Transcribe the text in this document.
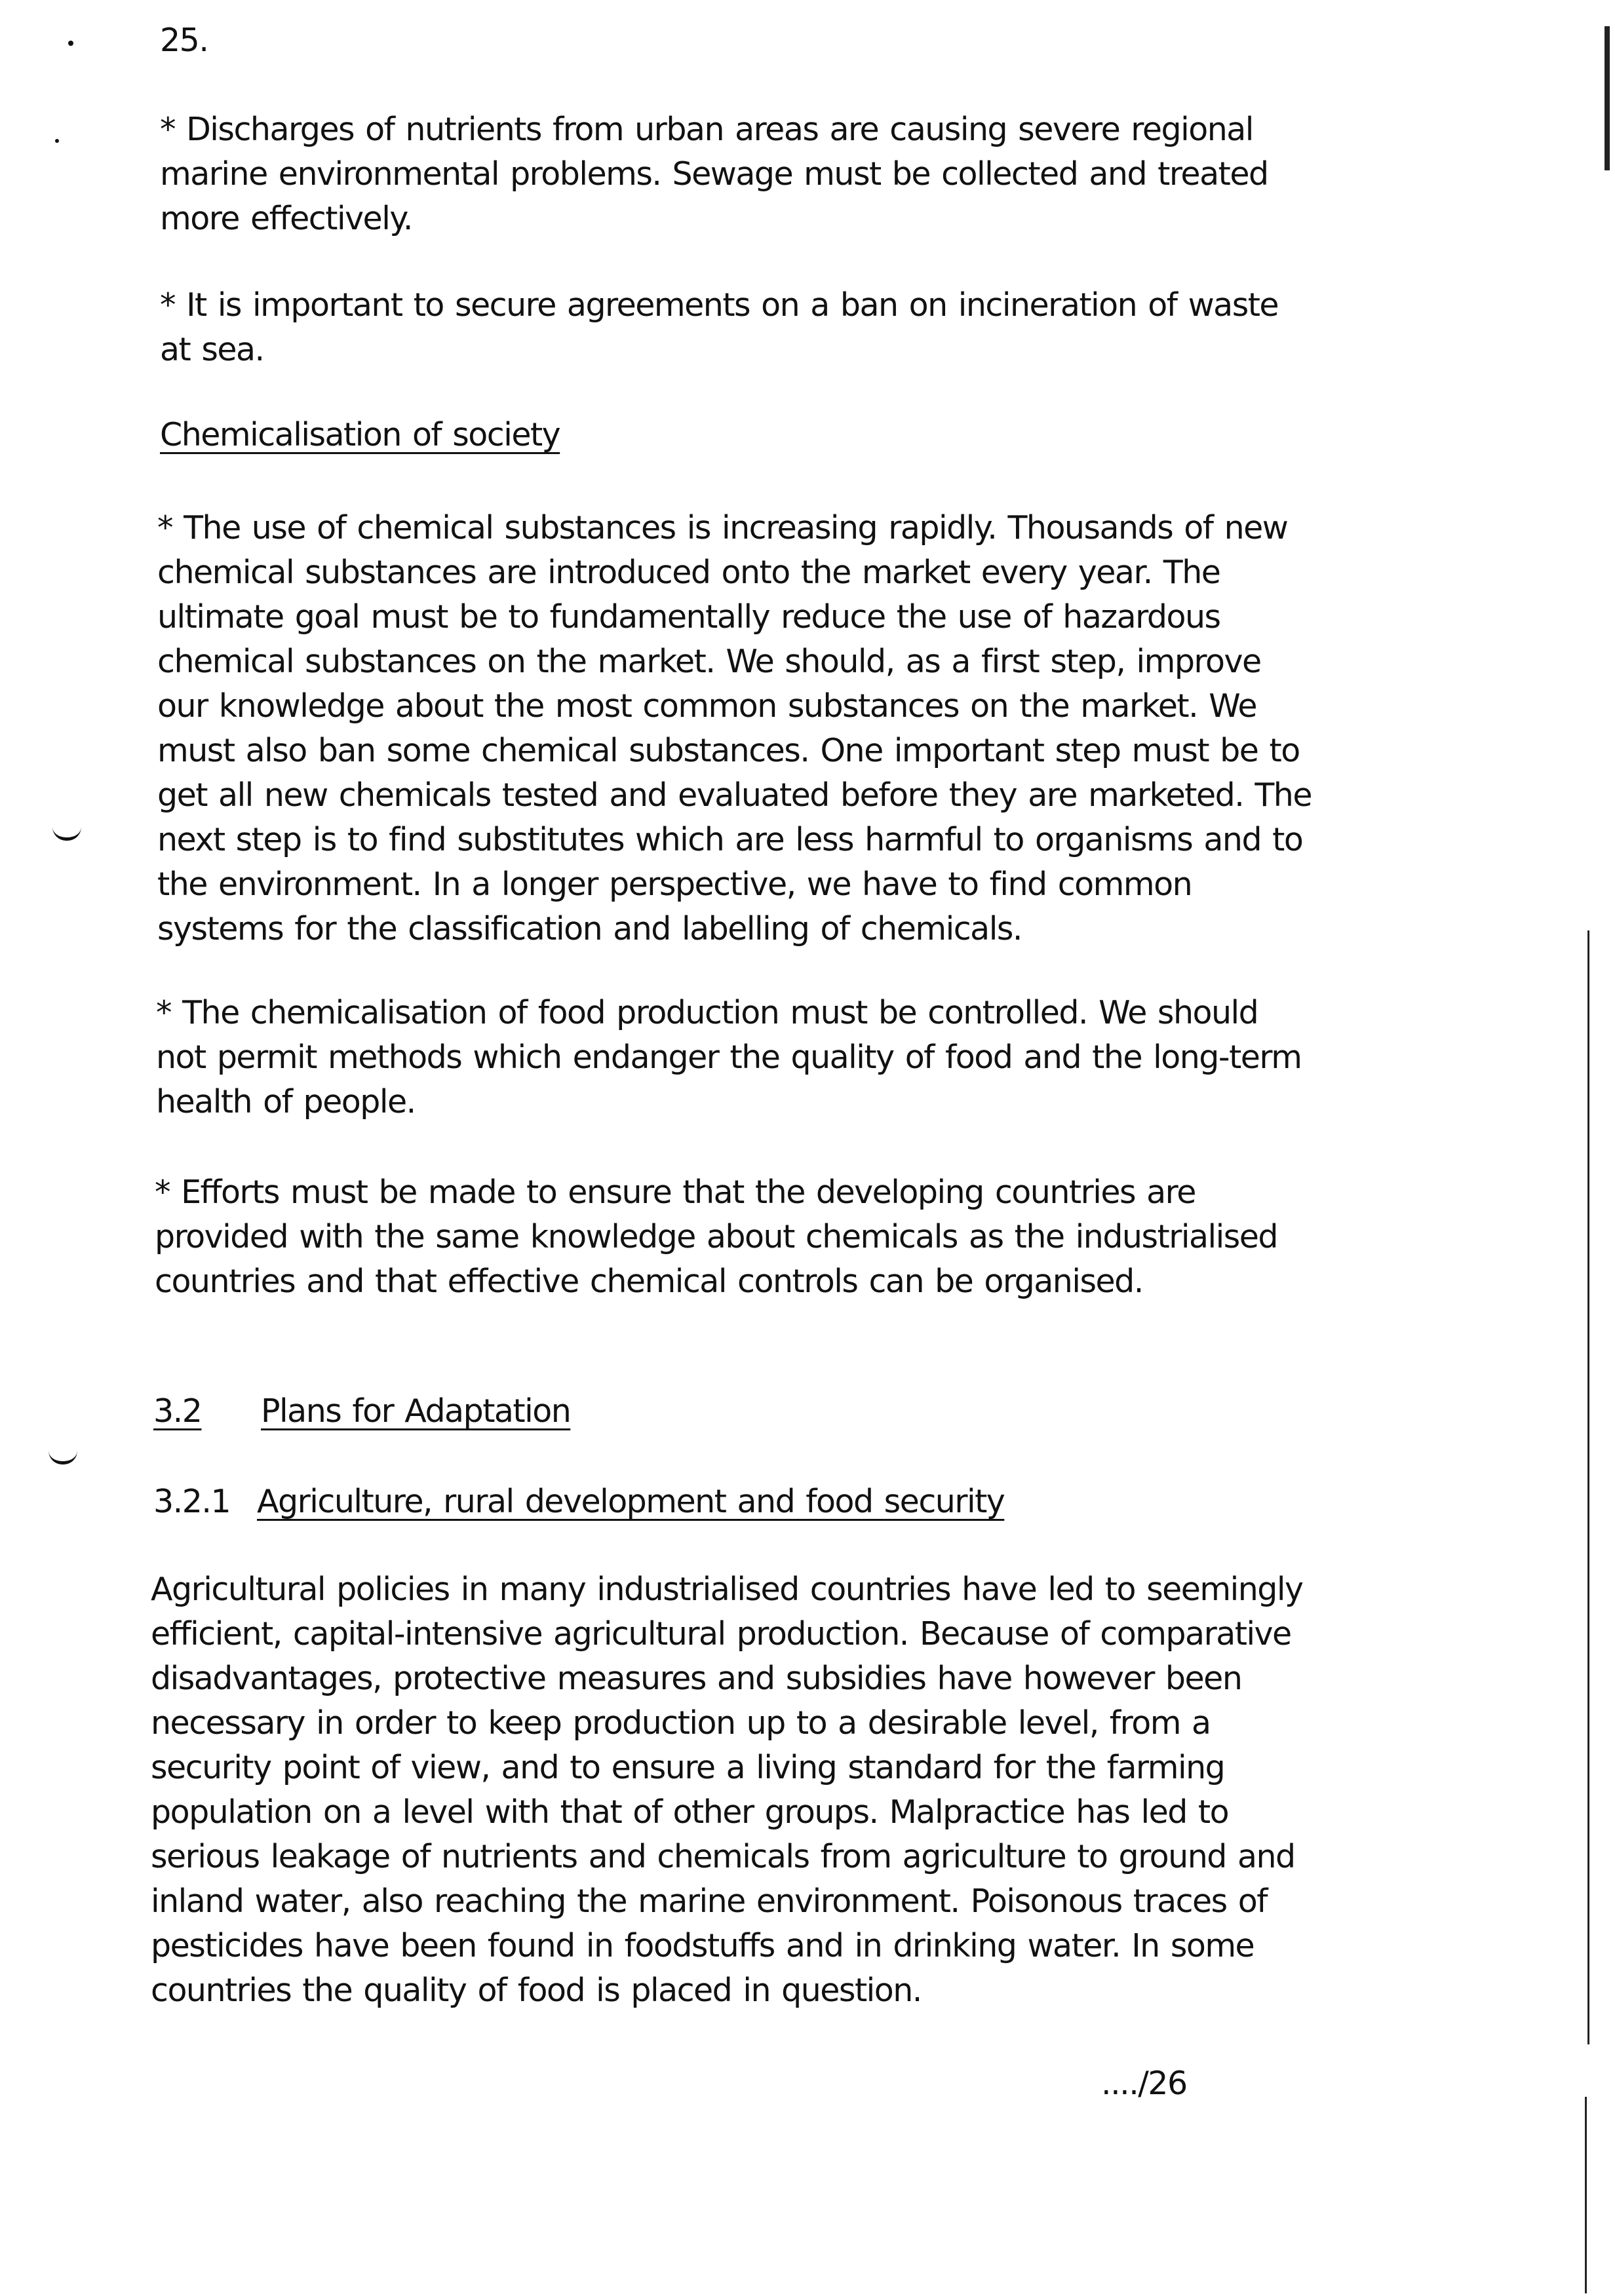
25.

* Discharges of nutrients from urban areas are causing severe regional marine environmental problems. Sewage must be collected and treated more effectively.

* It is important to secure agreements on a ban on incineration of waste at sea.

Chemicalisation of society

* The use of chemical substances is increasing rapidly. Thousands of new chemical substances are introduced onto the market every year. The ultimate goal must be to fundamentally reduce the use of hazardous chemical substances on the market. We should, as a first step, improve our knowledge about the most common substances on the market. We must also ban some chemical substances. One important step must be to get all new chemicals tested and evaluated before they are marketed. The next step is to find substitutes which are less harmful to organisms and to the environment. In a longer perspective, we have to find common systems for the classification and labelling of chemicals.

* The chemicalisation of food production must be controlled. We should not permit methods which endanger the quality of food and the long-term health of people.

* Efforts must be made to ensure that the developing countries are provided with the same knowledge about chemicals as the industrialised countries and that effective chemical controls can be organised.

3.2 Plans for Adaptation
3.2.1 Agriculture, rural development and food security

Agricultural policies in many industrialised countries have led to seemingly efficient, capital-intensive agricultural production. Because of comparative disadvantages, protective measures and subsidies have however been necessary in order to keep production up to a desirable level, from a security point of view, and to ensure a living standard for the farming population on a level with that of other groups. Malpractice has led to serious leakage of nutrients and chemicals from agriculture to ground and inland water, also reaching the marine environment. Poisonous traces of pesticides have been found in foodstuffs and in drinking water. In some countries the quality of food is placed in question.

..../26
